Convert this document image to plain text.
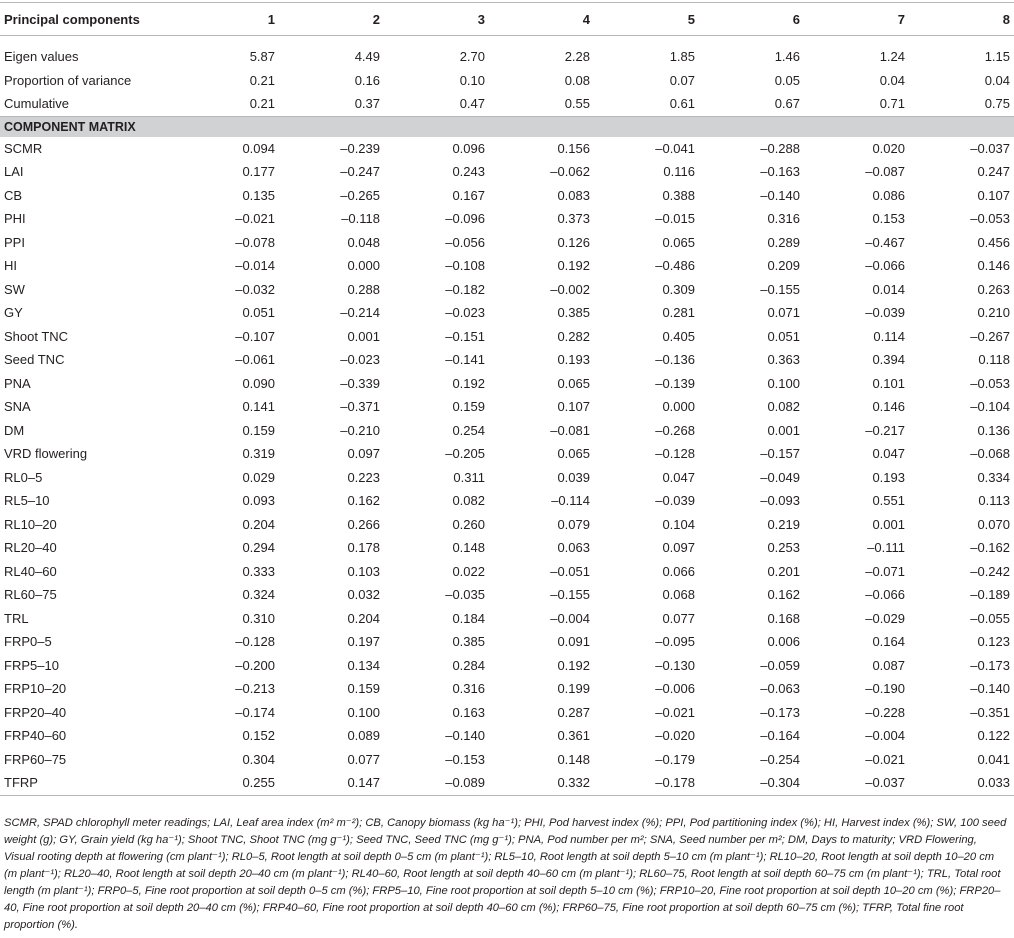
Principal components	1	2	3	4	5	6	7	8

Eigen values	5.87	4.49	2.70	2.28	1.85	1.46	1.24	1.15
Proportion of variance	0.21	0.16	0.10	0.08	0.07	0.05	0.04	0.04
Cumulative	0.21	0.37	0.47	0.55	0.61	0.67	0.71	0.75
COMPONENT MATRIX								
SCMR	0.094	–0.239	0.096	0.156	–0.041	–0.288	0.020	–0.037
LAI	0.177	–0.247	0.243	–0.062	0.116	–0.163	–0.087	0.247
CB	0.135	–0.265	0.167	0.083	0.388	–0.140	0.086	0.107
PHI	–0.021	–0.118	–0.096	0.373	–0.015	0.316	0.153	–0.053
PPI	–0.078	0.048	–0.056	0.126	0.065	0.289	–0.467	0.456
HI	–0.014	0.000	–0.108	0.192	–0.486	0.209	–0.066	0.146
SW	–0.032	0.288	–0.182	–0.002	0.309	–0.155	0.014	0.263
GY	0.051	–0.214	–0.023	0.385	0.281	0.071	–0.039	0.210
Shoot TNC	–0.107	0.001	–0.151	0.282	0.405	0.051	0.114	–0.267
Seed TNC	–0.061	–0.023	–0.141	0.193	–0.136	0.363	0.394	0.118
PNA	0.090	–0.339	0.192	0.065	–0.139	0.100	0.101	–0.053
SNA	0.141	–0.371	0.159	0.107	0.000	0.082	0.146	–0.104
DM	0.159	–0.210	0.254	–0.081	–0.268	0.001	–0.217	0.136
VRD flowering	0.319	0.097	–0.205	0.065	–0.128	–0.157	0.047	–0.068
RL0–5	0.029	0.223	0.311	0.039	0.047	–0.049	0.193	0.334
RL5–10	0.093	0.162	0.082	–0.114	–0.039	–0.093	0.551	0.113
RL10–20	0.204	0.266	0.260	0.079	0.104	0.219	0.001	0.070
RL20–40	0.294	0.178	0.148	0.063	0.097	0.253	–0.111	–0.162
RL40–60	0.333	0.103	0.022	–0.051	0.066	0.201	–0.071	–0.242
RL60–75	0.324	0.032	–0.035	–0.155	0.068	0.162	–0.066	–0.189
TRL	0.310	0.204	0.184	–0.004	0.077	0.168	–0.029	–0.055
FRP0–5	–0.128	0.197	0.385	0.091	–0.095	0.006	0.164	0.123
FRP5–10	–0.200	0.134	0.284	0.192	–0.130	–0.059	0.087	–0.173
FRP10–20	–0.213	0.159	0.316	0.199	–0.006	–0.063	–0.190	–0.140
FRP20–40	–0.174	0.100	0.163	0.287	–0.021	–0.173	–0.228	–0.351
FRP40–60	0.152	0.089	–0.140	0.361	–0.020	–0.164	–0.004	0.122
FRP60–75	0.304	0.077	–0.153	0.148	–0.179	–0.254	–0.021	0.041
TFRP	0.255	0.147	–0.089	0.332	–0.178	–0.304	–0.037	0.033
SCMR, SPAD chlorophyll meter readings; LAI, Leaf area index (m² m⁻²); CB, Canopy biomass (kg ha⁻¹); PHI, Pod harvest index (%); PPI, Pod partitioning index (%); HI, Harvest index (%); SW, 100 seed weight (g); GY, Grain yield (kg ha⁻¹); Shoot TNC, Shoot TNC (mg g⁻¹); Seed TNC, Seed TNC (mg g⁻¹); PNA, Pod number per m²; SNA, Seed number per m²; DM, Days to maturity; VRD Flowering, Visual rooting depth at flowering (cm plant⁻¹); RL0–5, Root length at soil depth 0–5 cm (m plant⁻¹); RL5–10, Root length at soil depth 5–10 cm (m plant⁻¹); RL10–20, Root length at soil depth 10–20 cm (m plant⁻¹); RL20–40, Root length at soil depth 20–40 cm (m plant⁻¹); RL40–60, Root length at soil depth 40–60 cm (m plant⁻¹); RL60–75, Root length at soil depth 60–75 cm (m plant⁻¹); TRL, Total root length (m plant⁻¹); FRP0–5, Fine root proportion at soil depth 0–5 cm (%); FRP5–10, Fine root proportion at soil depth 5–10 cm (%); FRP10–20, Fine root proportion at soil depth 10–20 cm (%); FRP20–40, Fine root proportion at soil depth 20–40 cm (%); FRP40–60, Fine root proportion at soil depth 40–60 cm (%); FRP60–75, Fine root proportion at soil depth 60–75 cm (%); TFRP, Total fine root proportion (%).
